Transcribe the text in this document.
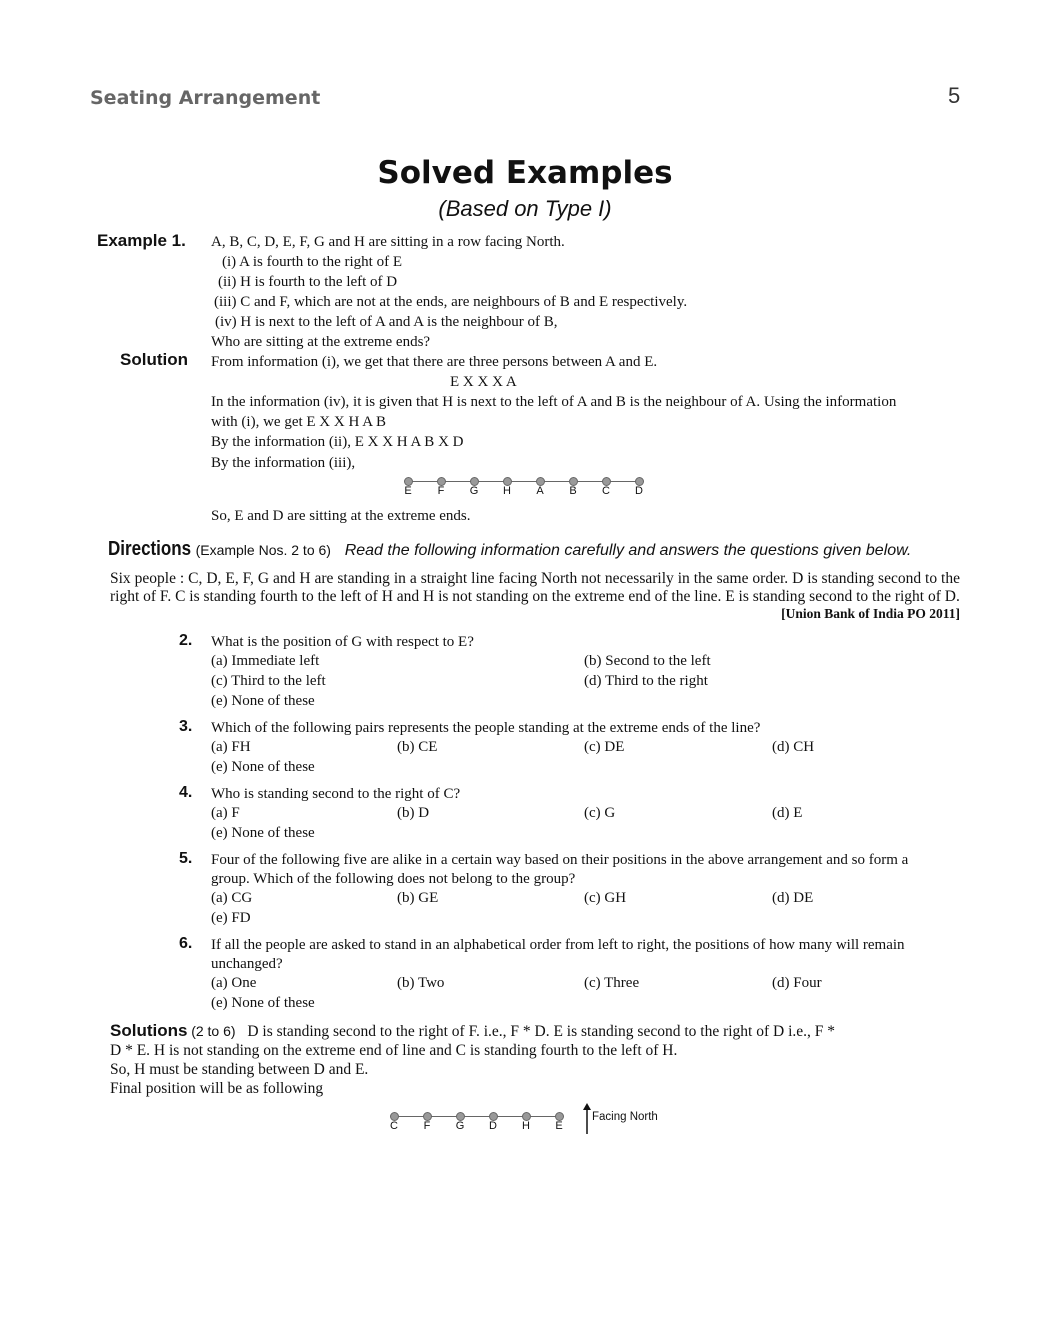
Seating Arrangement	5
Solved Examples
(Based on Type I)
Example 1. A, B, C, D, E, F, G and H are sitting in a row facing North.
(i) A is fourth to the right of E
(ii) H is fourth to the left of D
(iii) C and F, which are not at the ends, are neighbours of B and E respectively.
(iv) H is next to the left of A and A is the neighbour of B,
Who are sitting at the extreme ends?
Solution From information (i), we get that there are three persons between A and E.
E X X X A
In the information (iv), it is given that H is next to the left of A and B is the neighbour of A. Using the information
with (i), we get E X X H A B
By the information (ii), E X X H A B X D
By the information (iii),
E	F	G H	A	B	C D
So, E and D are sitting at the extreme ends.
Directions (Example Nos. 2 to 6) Read the following information carefully and answers the questions given below.
Six people : C, D, E, F, G and H are standing in a straight line facing North not necessarily in the same order. D is standing second to the right of F. C is standing fourth to the left of H and H is not standing on the extreme end of the line. E is standing second to the right of D.
[Union Bank of India PO 2011]
2. What is the position of G with respect to E?
(a) Immediate left	(b) Second to the left
(c) Third to the left	(d) Third to the right
(e) None of these
3. Which of the following pairs represents the people standing at the extreme ends of the line?
(a) FH	(b) CE	(c) DE	(d) CH
(e) None of these
4. Who is standing second to the right of C?
(a) F	(b) D	(c) G	(d) E
(e) None of these
5. Four of the following five are alike in a certain way based on their positions in the above arrangement and so form a
group. Which of the following does not belong to the group?
(a) CG	(b) GE	(c) GH	(d) DE
(e) FD
6. If all the people are asked to stand in an alphabetical order from left to right, the positions of how many will remain
unchanged?
(a) One	(b) Two	(c) Three	(d) Four
(e) None of these
Solutions (2 to 6) D is standing second to the right of F. i.e., F * D. E is standing second to the right of D i.e., F *
D * E. H is not standing on the extreme end of line and C is standing fourth to the left of H.
So, H must be standing between D and E.
Final position will be as following
C	F	G D H	E
Facing North
